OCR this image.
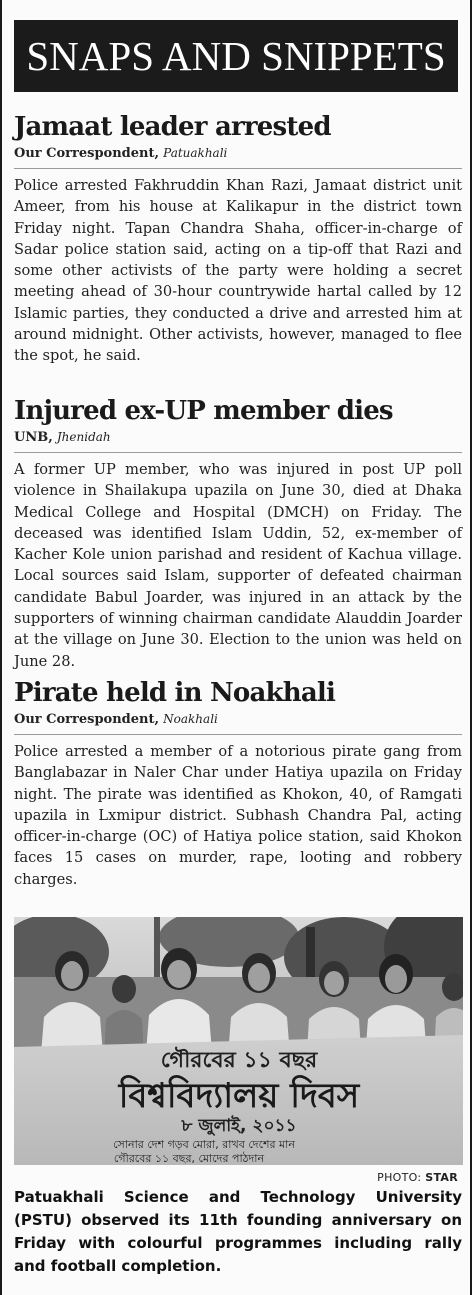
SNAPS AND SNIPPETS
Jamaat leader arrested

Our Correspondent, Patuakhali

Police arrested Fakhruddin Khan Razi, Jamaat district unit Ameer, from his house at Kalikapur in the district town Friday night. Tapan Chandra Shaha, officer-in-charge of Sadar police station said, acting on a tip-off that Razi and some other activists of the party were holding a secret meeting ahead of 30-hour countrywide hartal called by 12 Islamic parties, they conducted a drive and arrested him at around midnight. Other activists, however, managed to flee the spot, he said.

Injured ex-UP member dies

UNB, Jhenidah

A former UP member, who was injured in post UP poll violence in Shailakupa upazila on June 30, died at Dhaka Medical College and Hospital (DMCH) on Friday. The deceased was identified Islam Uddin, 52, ex-member of Kacher Kole union parishad and resident of Kachua village. Local sources said Islam, supporter of defeated chairman candidate Babul Joarder, was injured in an attack by the supporters of winning chairman candidate Alauddin Joarder at the village on June 30. Election to the union was held on June 28.

Pirate held in Noakhali

Our Correspondent, Noakhali

Police arrested a member of a notorious pirate gang from Banglabazar in Naler Char under Hatiya upazila on Friday night. The pirate was identified as Khokon, 40, of Ramgati upazila in Lxmipur district. Subhash Chandra Pal, acting officer-in-charge (OC) of Hatiya police station, said Khokon faces 15 cases on murder, rape, looting and robbery charges.

গৌরবের ১১ বছর
বিশ্ববিদ্যালয় দিবস
৮ জুলাই, ২০১১
সোনার দেশ গড়ব মোরা, রাখব দেশের মান
গৌরবের ১১ বছর, মোদের পাঠদান
PHOTO: STAR

Patuakhali Science and Technology University (PSTU) observed its 11th founding anniversary on Friday with colourful programmes including rally and football completion.
